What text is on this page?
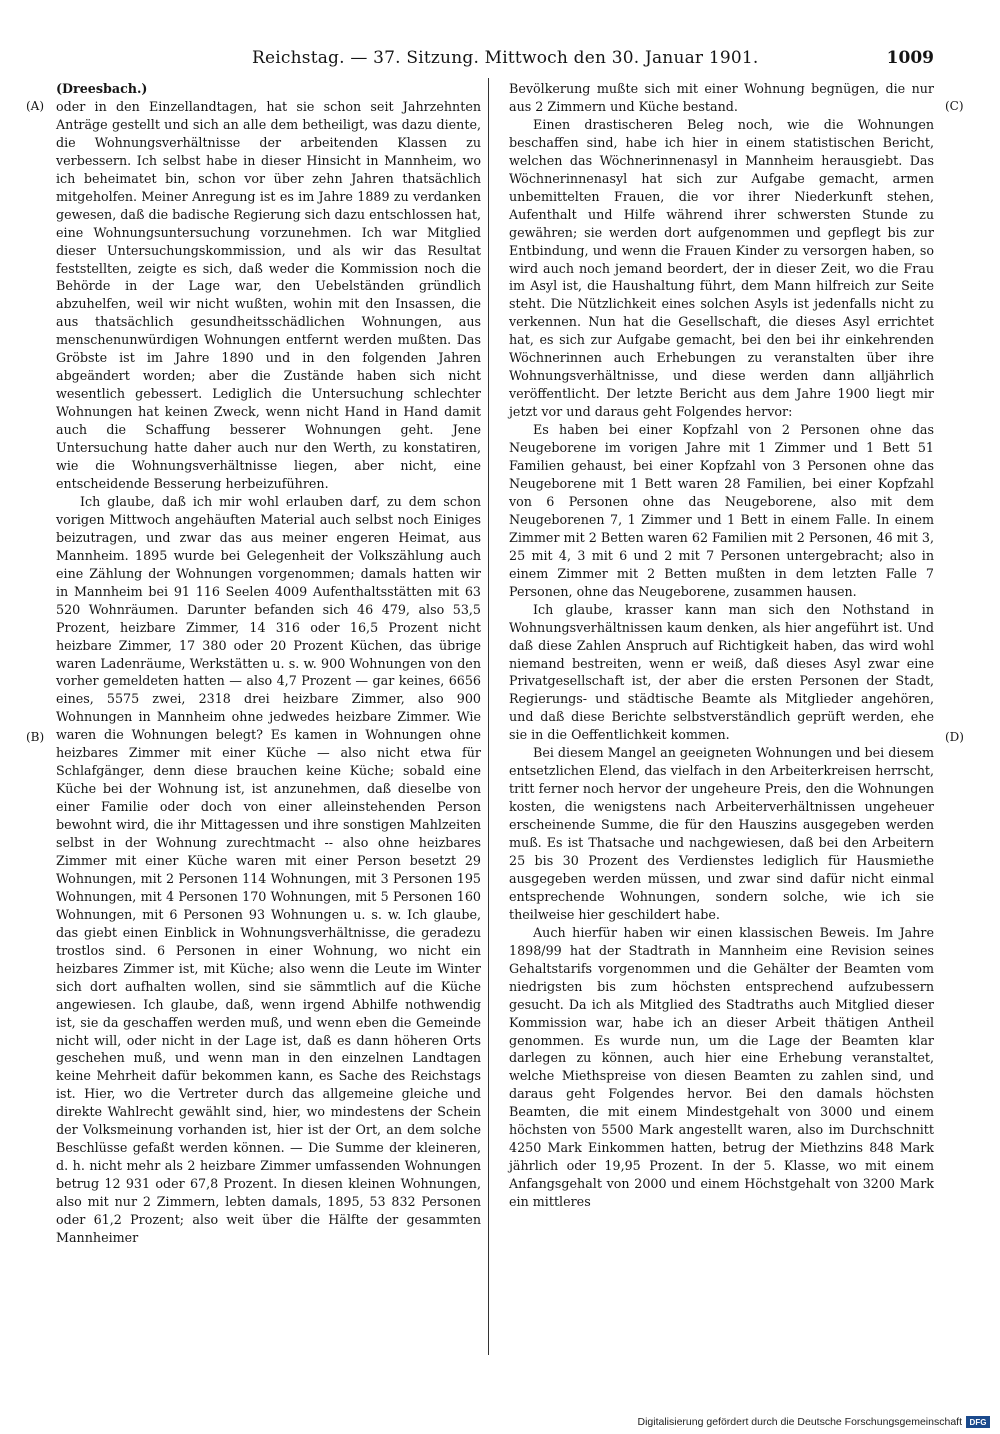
Reichstag. — 37. Sitzung. Mittwoch den 30. Januar 1901.	1009
(A)
(B)
(C)
(D)

(Dreesbach.)

oder in den Einzellandtagen, hat sie schon seit Jahrzehnten Anträge gestellt und sich an alle dem betheiligt, was dazu diente, die Wohnungsverhältnisse der arbeitenden Klassen zu verbessern. Ich selbst habe in dieser Hinsicht in Mannheim, wo ich beheimatet bin, schon vor über zehn Jahren thatsächlich mitgeholfen. Meiner Anregung ist es im Jahre 1889 zu verdanken gewesen, daß die badische Regierung sich dazu entschlossen hat, eine Wohnungsuntersuchung vorzunehmen. Ich war Mitglied dieser Untersuchungskommission, und als wir das Resultat feststellten, zeigte es sich, daß weder die Kommission noch die Behörde in der Lage war, den Uebelständen gründlich abzuhelfen, weil wir nicht wußten, wohin mit den Insassen, die aus thatsächlich gesundheitsschädlichen Wohnungen, aus menschenunwürdigen Wohnungen entfernt werden mußten. Das Gröbste ist im Jahre 1890 und in den folgenden Jahren abgeändert worden; aber die Zustände haben sich nicht wesentlich gebessert. Lediglich die Untersuchung schlechter Wohnungen hat keinen Zweck, wenn nicht Hand in Hand damit auch die Schaffung besserer Wohnungen geht. Jene Untersuchung hatte daher auch nur den Werth, zu konstatiren, wie die Wohnungsverhältnisse liegen, aber nicht, eine entscheidende Besserung herbeizuführen.

Ich glaube, daß ich mir wohl erlauben darf, zu dem schon vorigen Mittwoch angehäuften Material auch selbst noch Einiges beizutragen, und zwar das aus meiner engeren Heimat, aus Mannheim. 1895 wurde bei Gelegenheit der Volkszählung auch eine Zählung der Wohnungen vorgenommen; damals hatten wir in Mannheim bei 91 116 Seelen 4009 Aufenthaltsstätten mit 63 520 Wohnräumen. Darunter befanden sich 46 479, also 53,5 Prozent, heizbare Zimmer, 14 316 oder 16,5 Prozent nicht heizbare Zimmer, 17 380 oder 20 Prozent Küchen, das übrige waren Ladenräume, Werkstätten u. s. w. 900 Wohnungen von den vorher gemeldeten hatten — also 4,7 Prozent — gar keines, 6656 eines, 5575 zwei, 2318 drei heizbare Zimmer, also 900 Wohnungen in Mannheim ohne jedwedes heizbare Zimmer. Wie waren die Wohnungen belegt? Es kamen in Wohnungen ohne heizbares Zimmer mit einer Küche — also nicht etwa für Schlafgänger, denn diese brauchen keine Küche; sobald eine Küche bei der Wohnung ist, ist anzunehmen, daß dieselbe von einer Familie oder doch von einer alleinstehenden Person bewohnt wird, die ihr Mittagessen und ihre sonstigen Mahlzeiten selbst in der Wohnung zurechtmacht -- also ohne heizbares Zimmer mit einer Küche waren mit einer Person besetzt 29 Wohnungen, mit 2 Personen 114 Wohnungen, mit 3 Personen 195 Wohnungen, mit 4 Personen 170 Wohnungen, mit 5 Personen 160 Wohnungen, mit 6 Personen 93 Wohnungen u. s. w. Ich glaube, das giebt einen Einblick in Wohnungsverhältnisse, die geradezu trostlos sind. 6 Personen in einer Wohnung, wo nicht ein heizbares Zimmer ist, mit Küche; also wenn die Leute im Winter sich dort aufhalten wollen, sind sie sämmtlich auf die Küche angewiesen. Ich glaube, daß, wenn irgend Abhilfe nothwendig ist, sie da geschaffen werden muß, und wenn eben die Gemeinde nicht will, oder nicht in der Lage ist, daß es dann höheren Orts geschehen muß, und wenn man in den einzelnen Landtagen keine Mehrheit dafür bekommen kann, es Sache des Reichstags ist. Hier, wo die Vertreter durch das allgemeine gleiche und direkte Wahlrecht gewählt sind, hier, wo mindestens der Schein der Volksmeinung vorhanden ist, hier ist der Ort, an dem solche Beschlüsse gefaßt werden können. — Die Summe der kleineren, d. h. nicht mehr als 2 heizbare Zimmer umfassenden Wohnungen betrug 12 931 oder 67,8 Prozent. In diesen kleinen Wohnungen, also mit nur 2 Zimmern, lebten damals, 1895, 53 832 Personen oder 61,2 Prozent; also weit über die Hälfte der gesammten Mannheimer

Bevölkerung mußte sich mit einer Wohnung begnügen, die nur aus 2 Zimmern und Küche bestand.

Einen drastischeren Beleg noch, wie die Wohnungen beschaffen sind, habe ich hier in einem statistischen Bericht, welchen das Wöchnerinnenasyl in Mannheim herausgiebt. Das Wöchnerinnenasyl hat sich zur Aufgabe gemacht, armen unbemittelten Frauen, die vor ihrer Niederkunft stehen, Aufenthalt und Hilfe während ihrer schwersten Stunde zu gewähren; sie werden dort aufgenommen und gepflegt bis zur Entbindung, und wenn die Frauen Kinder zu versorgen haben, so wird auch noch jemand beordert, der in dieser Zeit, wo die Frau im Asyl ist, die Haushaltung führt, dem Mann hilfreich zur Seite steht. Die Nützlichkeit eines solchen Asyls ist jedenfalls nicht zu verkennen. Nun hat die Gesellschaft, die dieses Asyl errichtet hat, es sich zur Aufgabe gemacht, bei den bei ihr einkehrenden Wöchnerinnen auch Erhebungen zu veranstalten über ihre Wohnungsverhältnisse, und diese werden dann alljährlich veröffentlicht. Der letzte Bericht aus dem Jahre 1900 liegt mir jetzt vor und daraus geht Folgendes hervor:

Es haben bei einer Kopfzahl von 2 Personen ohne das Neugeborene im vorigen Jahre mit 1 Zimmer und 1 Bett 51 Familien gehaust, bei einer Kopfzahl von 3 Personen ohne das Neugeborene mit 1 Bett waren 28 Familien, bei einer Kopfzahl von 6 Personen ohne das Neugeborene, also mit dem Neugeborenen 7, 1 Zimmer und 1 Bett in einem Falle. In einem Zimmer mit 2 Betten waren 62 Familien mit 2 Personen, 46 mit 3, 25 mit 4, 3 mit 6 und 2 mit 7 Personen untergebracht; also in einem Zimmer mit 2 Betten mußten in dem letzten Falle 7 Personen, ohne das Neugeborene, zusammen hausen.

Ich glaube, krasser kann man sich den Nothstand in Wohnungsverhältnissen kaum denken, als hier angeführt ist. Und daß diese Zahlen Anspruch auf Richtigkeit haben, das wird wohl niemand bestreiten, wenn er weiß, daß dieses Asyl zwar eine Privatgesellschaft ist, der aber die ersten Personen der Stadt, Regierungs- und städtische Beamte als Mitglieder angehören, und daß diese Berichte selbstverständlich geprüft werden, ehe sie in die Oeffentlichkeit kommen.

Bei diesem Mangel an geeigneten Wohnungen und bei diesem entsetzlichen Elend, das vielfach in den Arbeiterkreisen herrscht, tritt ferner noch hervor der ungeheure Preis, den die Wohnungen kosten, die wenigstens nach Arbeiterverhältnissen ungeheuer erscheinende Summe, die für den Hauszins ausgegeben werden muß. Es ist Thatsache und nachgewiesen, daß bei den Arbeitern 25 bis 30 Prozent des Verdienstes lediglich für Hausmiethe ausgegeben werden müssen, und zwar sind dafür nicht einmal entsprechende Wohnungen, sondern solche, wie ich sie theilweise hier geschildert habe.

Auch hierfür haben wir einen klassischen Beweis. Im Jahre 1898/99 hat der Stadtrath in Mannheim eine Revision seines Gehaltstarifs vorgenommen und die Gehälter der Beamten vom niedrigsten bis zum höchsten entsprechend aufzubessern gesucht. Da ich als Mitglied des Stadtraths auch Mitglied dieser Kommission war, habe ich an dieser Arbeit thätigen Antheil genommen. Es wurde nun, um die Lage der Beamten klar darlegen zu können, auch hier eine Erhebung veranstaltet, welche Miethspreise von diesen Beamten zu zahlen sind, und daraus geht Folgendes hervor. Bei den damals höchsten Beamten, die mit einem Mindestgehalt von 3000 und einem höchsten von 5500 Mark angestellt waren, also im Durchschnitt 4250 Mark Einkommen hatten, betrug der Miethzins 848 Mark jährlich oder 19,95 Prozent. In der 5. Klasse, wo mit einem Anfangsgehalt von 2000 und einem Höchstgehalt von 3200 Mark ein mittleres

Digitalisierung gefördert durch die Deutsche Forschungsgemeinschaft DFG
